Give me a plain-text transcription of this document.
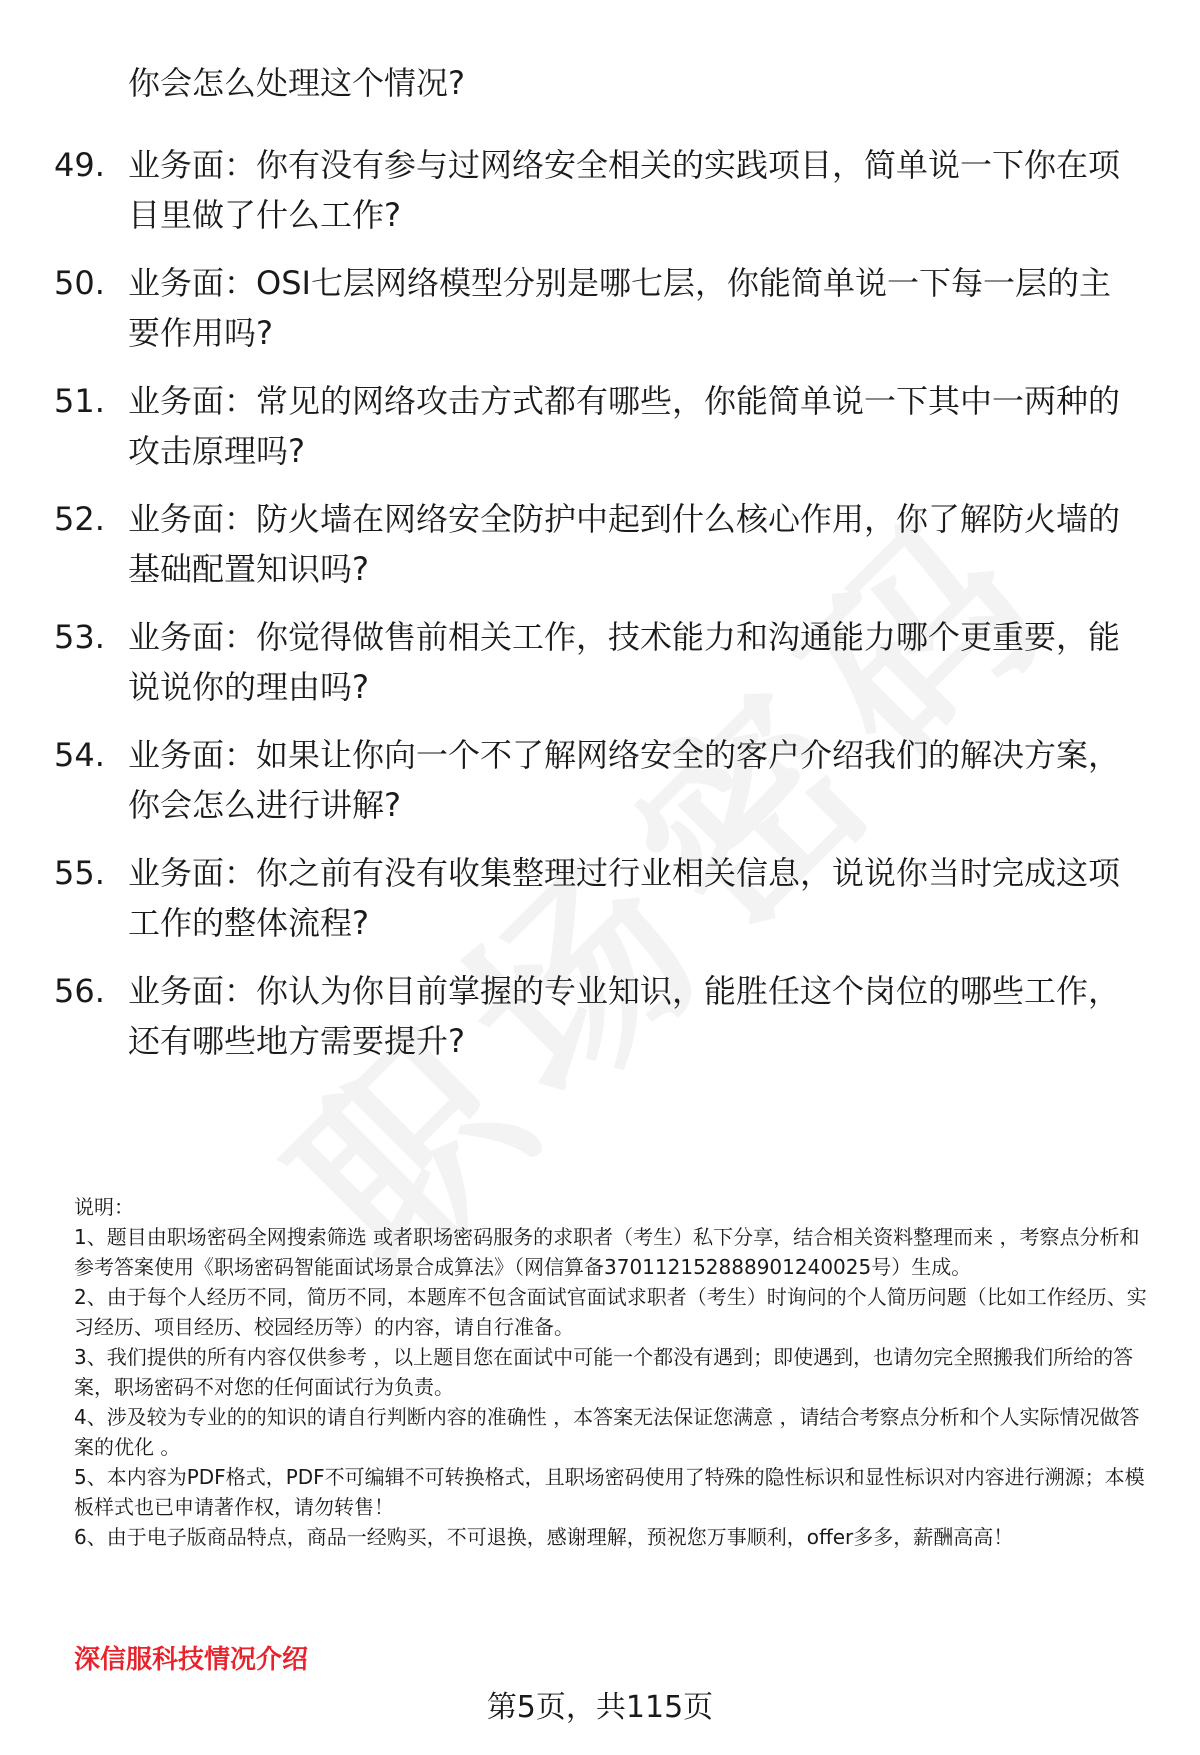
你会怎么处理这个情况?
49. 业务面：你有没有参与过网络安全相关的实践项目，简单说一下你在项目里做了什么工作?
50. 业务面：OSI七层网络模型分别是哪七层，你能简单说一下每一层的主要作用吗?
51. 业务面：常见的网络攻击方式都有哪些，你能简单说一下其中一两种的攻击原理吗?
52. 业务面：防火墙在网络安全防护中起到什么核心作用，你了解防火墙的基础配置知识吗?
53. 业务面：你觉得做售前相关工作，技术能力和沟通能力哪个更重要，能说说你的理由吗?
54. 业务面：如果让你向一个不了解网络安全的客户介绍我们的解决方案，你会怎么进行讲解?
55. 业务面：你之前有没有收集整理过行业相关信息，说说你当时完成这项工作的整体流程?
56. 业务面：你认为你目前掌握的专业知识，能胜任这个岗位的哪些工作，还有哪些地方需要提升?

说明：

1、题目由职场密码全网搜索筛选 或者职场密码服务的求职者（考生）私下分享，结合相关资料整理而来 ，考察点分析和参考答案使用《职场密码智能面试场景合成算法》（网信算备370112152888901240025号）生成。

2、由于每个人经历不同，简历不同，本题库不包含面试官面试求职者（考生）时询问的个人简历问题（比如工作经历、实习经历、项目经历、校园经历等）的内容，请自行准备。

3、我们提供的所有内容仅供参考 ，以上题目您在面试中可能一个都没有遇到；即使遇到，也请勿完全照搬我们所给的答案，职场密码不对您的任何面试行为负责。

4、涉及较为专业的的知识的请自行判断内容的准确性 ，本答案无法保证您满意 ，请结合考察点分析和个人实际情况做答案的优化 。

5、本内容为PDF格式，PDF不可编辑不可转换格式，且职场密码使用了特殊的隐性标识和显性标识对内容进行溯源；本模板样式也已申请著作权，请勿转售！

6、由于电子版商品特点，商品一经购买，不可退换，感谢理解，预祝您万事顺利，offer多多，薪酬高高！

深信服科技情况介绍
第5页，共115页
